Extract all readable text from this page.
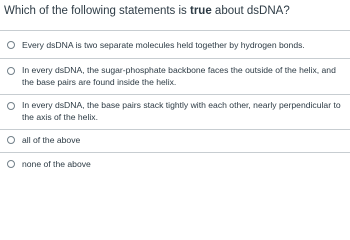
Which of the following statements is true about dsDNA?
Every dsDNA is two separate molecules held together by hydrogen bonds.
In every dsDNA, the sugar-phosphate backbone faces the outside of the helix, and the base pairs are found inside the helix.
In every dsDNA, the base pairs stack tightly with each other, nearly perpendicular to the axis of the helix.
all of the above
none of the above
